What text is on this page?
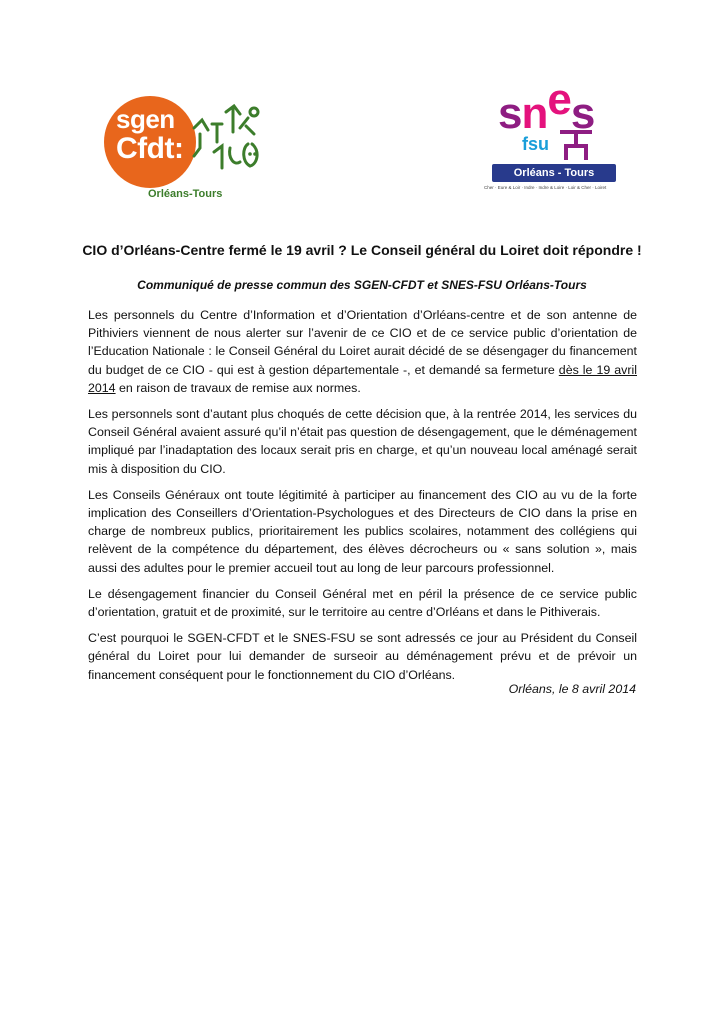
sgen
Cfdt:
Orléans-Tours
snes
fsu
Orléans - Tours
Cher · Eure & Loir · Indre · Indre & Loire · Loir & Cher · Loiret
CIO d’Orléans-Centre fermé le 19 avril ? Le Conseil général du Loiret doit répondre !
Communiqué de presse commun des SGEN-CFDT et SNES-FSU Orléans-Tours

Les personnels du Centre d’Information et d’Orientation d’Orléans-centre et de son antenne de Pithiviers viennent de nous alerter sur l’avenir de ce CIO et de ce service public d’orientation de l’Education Nationale : le Conseil Général du Loiret aurait décidé de se désengager du financement du budget de ce CIO - qui est à gestion départementale -, et demandé sa fermeture dès le 19 avril 2014 en raison de travaux de remise aux normes.

Les personnels sont d’autant plus choqués de cette décision que, à la rentrée 2014, les services du Conseil Général avaient assuré qu’il n’était pas question de désengagement, que le déménagement impliqué par l’inadaptation des locaux serait pris en charge, et qu’un nouveau local aménagé serait mis à disposition du CIO.

Les Conseils Généraux ont toute légitimité à participer au financement des CIO au vu de la forte implication des Conseillers d’Orientation-Psychologues et des Directeurs de CIO dans la prise en charge de nombreux publics, prioritairement les publics scolaires, notamment des collégiens qui relèvent de la compétence du département, des élèves décrocheurs ou « sans solution », mais aussi des adultes pour le premier accueil tout au long de leur parcours professionnel.

Le désengagement financier du Conseil Général met en péril la présence de ce service public d’orientation, gratuit et de proximité, sur le territoire au centre d’Orléans et dans le Pithiverais.

C’est pourquoi le SGEN-CFDT et le SNES-FSU se sont adressés ce jour au Président du Conseil général du Loiret pour lui demander de surseoir au déménagement prévu et de prévoir un financement conséquent pour le fonctionnement du CIO d’Orléans.

Orléans, le 8 avril 2014
